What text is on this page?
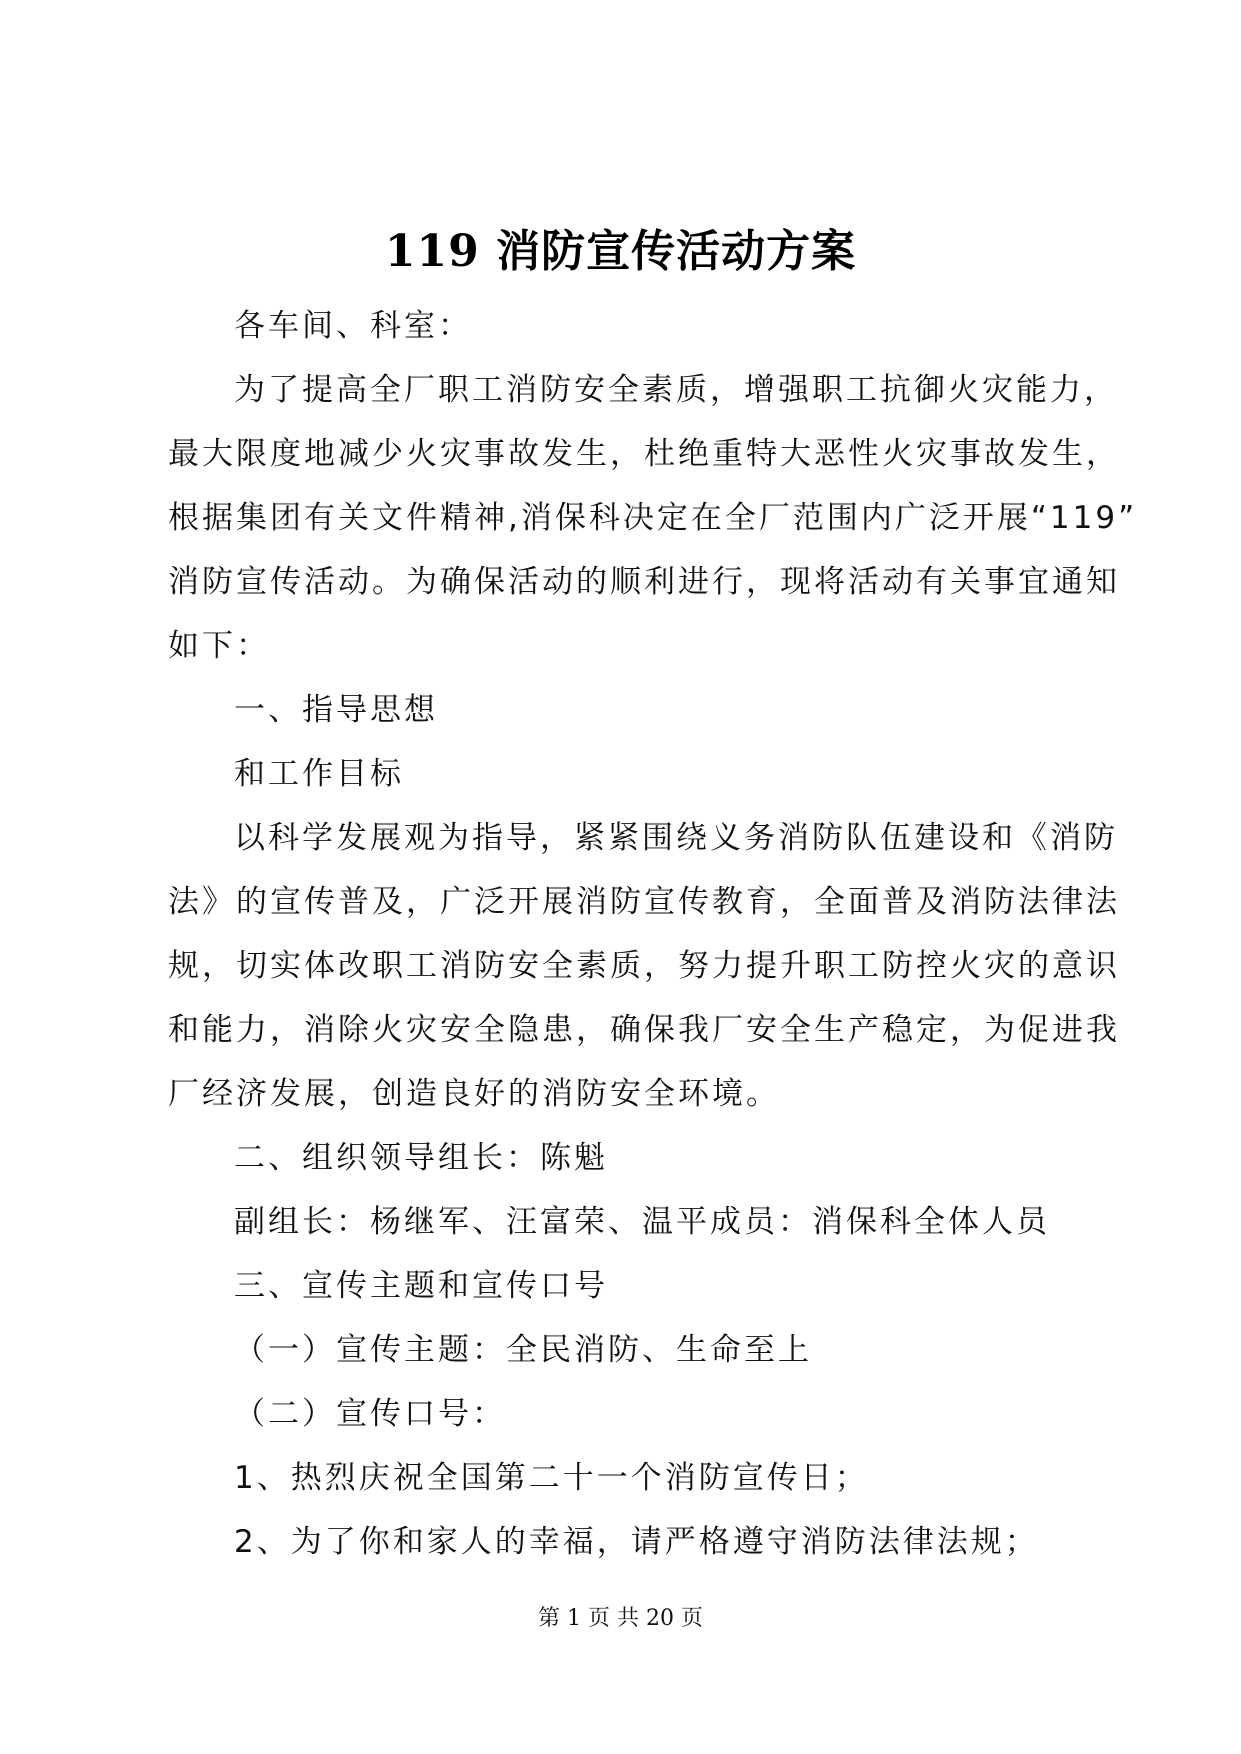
119 消防宣传活动方案
各车间、科室：
为了提高全厂职工消防安全素质，增强职工抗御火灾能力，
最大限度地减少火灾事故发生，杜绝重特大恶性火灾事故发生，
根据集团有关文件精神,消保科决定在全厂范围内广泛开展“119”
消防宣传活动。为确保活动的顺利进行，现将活动有关事宜通知
如下：
一、指导思想
和工作目标
以科学发展观为指导，紧紧围绕义务消防队伍建设和《消防
法》的宣传普及，广泛开展消防宣传教育，全面普及消防法律法
规，切实体改职工消防安全素质，努力提升职工防控火灾的意识
和能力，消除火灾安全隐患，确保我厂安全生产稳定，为促进我
厂经济发展，创造良好的消防安全环境。
二、组织领导组长：陈魁
副组长：杨继军、汪富荣、温平成员：消保科全体人员
三、宣传主题和宣传口号
（一）宣传主题：全民消防、生命至上
（二）宣传口号：
1、热烈庆祝全国第二十一个消防宣传日；
2、为了你和家人的幸福，请严格遵守消防法律法规；
第 1 页 共 20 页
